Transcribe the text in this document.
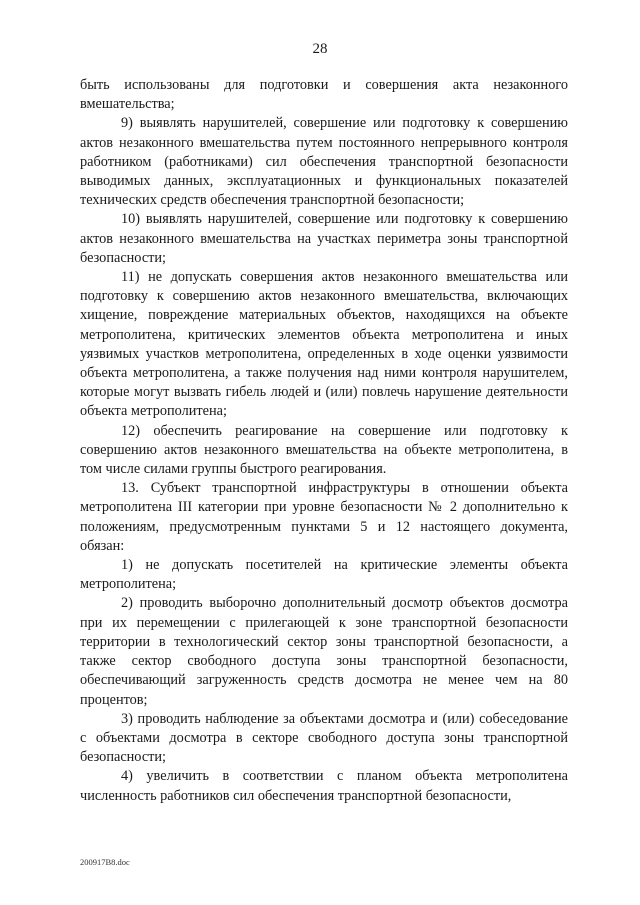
28

быть использованы для подготовки и совершения акта незаконного вмешательства;

9) выявлять нарушителей, совершение или подготовку к совершению актов незаконного вмешательства путем постоянного непрерывного контроля работником (работниками) сил обеспечения транспортной безопасности выводимых данных, эксплуатационных и функциональных показателей технических средств обеспечения транспортной безопасности;

10) выявлять нарушителей, совершение или подготовку к совершению актов незаконного вмешательства на участках периметра зоны транспортной безопасности;

11) не допускать совершения актов незаконного вмешательства или подготовку к совершению актов незаконного вмешательства, включающих хищение, повреждение материальных объектов, находящихся на объекте метрополитена, критических элементов объекта метрополитена и иных уязвимых участков метрополитена, определенных в ходе оценки уязвимости объекта метрополитена, а также получения над ними контроля нарушителем, которые могут вызвать гибель людей и (или) повлечь нарушение деятельности объекта метрополитена;

12) обеспечить реагирование на совершение или подготовку к совершению актов незаконного вмешательства на объекте метрополитена, в том числе силами группы быстрого реагирования.

13. Субъект транспортной инфраструктуры в отношении объекта метрополитена III категории при уровне безопасности № 2 дополнительно к положениям, предусмотренным пунктами 5 и 12 настоящего документа, обязан:

1) не допускать посетителей на критические элементы объекта метрополитена;

2) проводить выборочно дополнительный досмотр объектов досмотра при их перемещении с прилегающей к зоне транспортной безопасности территории в технологический сектор зоны транспортной безопасности, а также сектор свободного доступа зоны транспортной безопасности, обеспечивающий загруженность средств досмотра не менее чем на 80 процентов;

3) проводить наблюдение за объектами досмотра и (или) собеседование с объектами досмотра в секторе свободного доступа зоны транспортной безопасности;

4) увеличить в соответствии с планом объекта метрополитена численность работников сил обеспечения транспортной безопасности,

200917B8.doc
